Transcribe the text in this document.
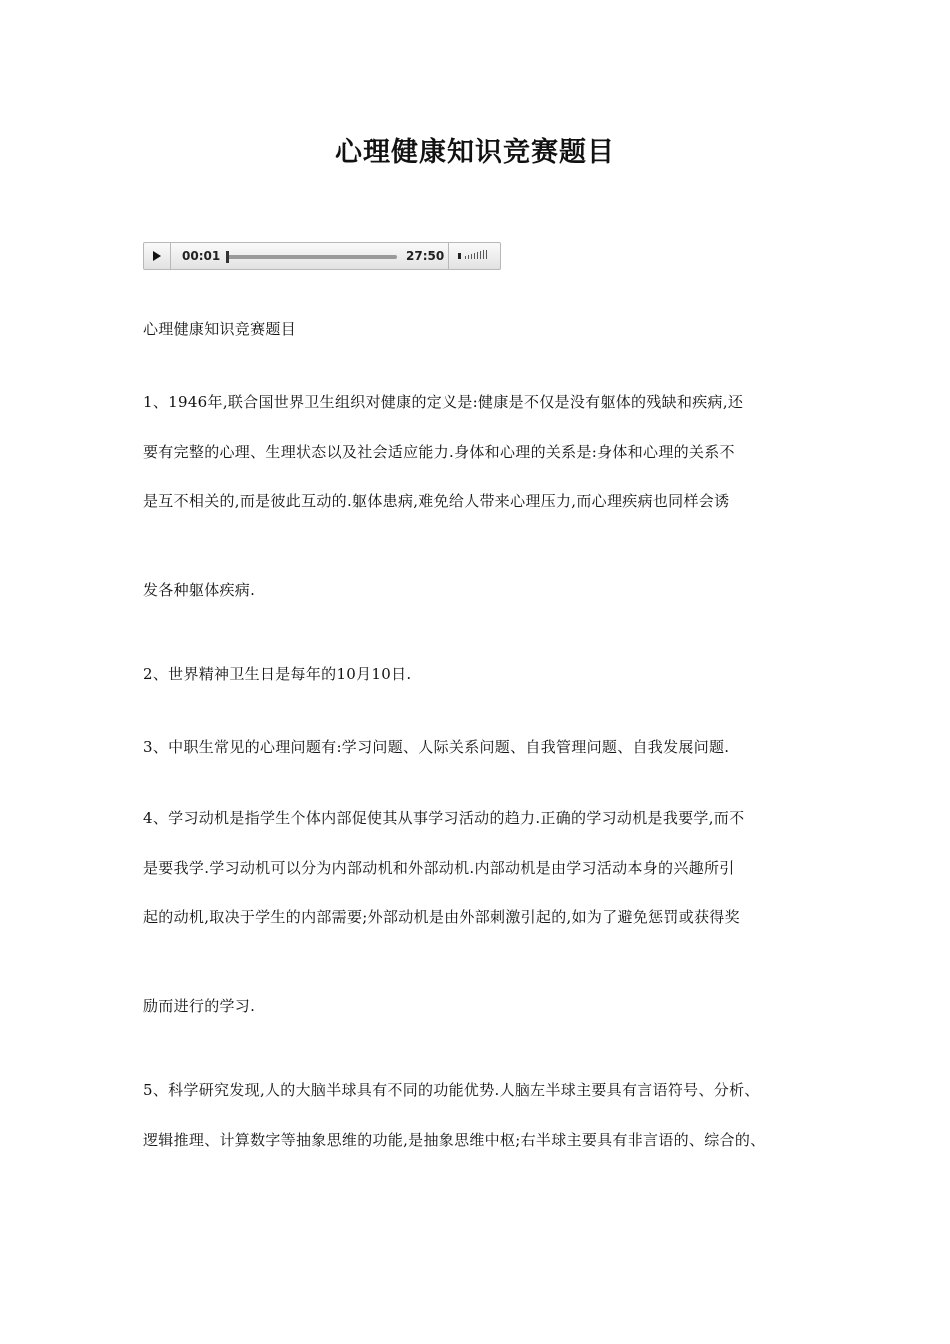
心理健康知识竞赛题目
00:01	27:50
心理健康知识竞赛题目
1、1946年,联合国世界卫生组织对健康的定义是:健康是不仅是没有躯体的残缺和疾病,还
要有完整的心理、生理状态以及社会适应能力.身体和心理的关系是:身体和心理的关系不
是互不相关的,而是彼此互动的.躯体患病,难免给人带来心理压力,而心理疾病也同样会诱
发各种躯体疾病.
2、世界精神卫生日是每年的10月10日.
3、中职生常见的心理问题有:学习问题、人际关系问题、自我管理问题、自我发展问题.
4、学习动机是指学生个体内部促使其从事学习活动的趋力.正确的学习动机是我要学,而不
是要我学.学习动机可以分为内部动机和外部动机.内部动机是由学习活动本身的兴趣所引
起的动机,取决于学生的内部需要;外部动机是由外部刺激引起的,如为了避免惩罚或获得奖
励而进行的学习.
5、科学研究发现,人的大脑半球具有不同的功能优势.人脑左半球主要具有言语符号、分析、
逻辑推理、计算数字等抽象思维的功能,是抽象思维中枢;右半球主要具有非言语的、综合的、
